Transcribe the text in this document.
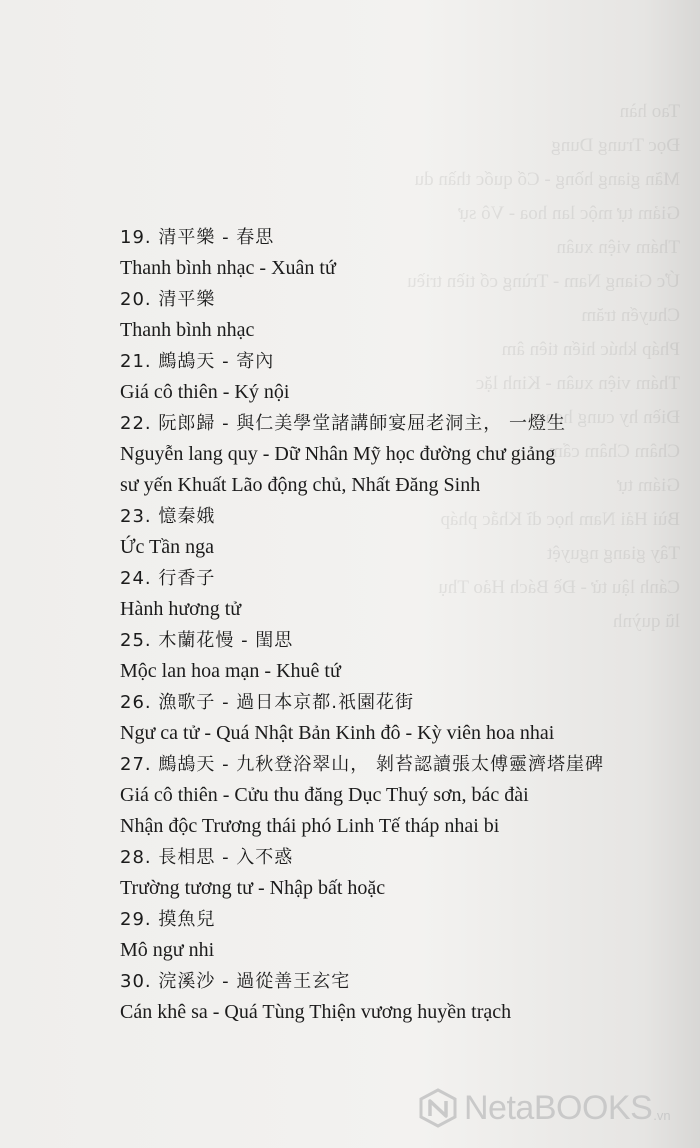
Tao hàn
Đọc Trung Dung
Mãn giang hồng - Cố quốc thần du
Giảm tự mộc lan hoa - Vô sự
Thám viện xuân
Ức Giang Nam - Trùng cố tiền triều
Chuyến trăm
Pháp khúc hiến tiên âm
Thám viện xuân - Kinh lặc
Điền hy cung hoa
Châm Châm cẩm
Giám tự
Bùi Hải Nam học dĩ Khắc pháp
Tây giang nguyệt
Cánh lậu tử - Đề Bách Hảo Thụ
lũ quỳnh
19. 清平樂 - 春思
Thanh bình nhạc - Xuân tứ
20. 清平樂
Thanh bình nhạc
21. 鷓鴣天 - 寄內
Giá cô thiên - Ký nội
22. 阮郎歸 - 與仁美學堂諸講師宴屈老洞主， 一燈生
Nguyễn lang quy - Dữ Nhân Mỹ học đường chư giảng
sư yến Khuất Lão động chủ, Nhất Đăng Sinh
23. 憶秦娥
Ức Tần nga
24. 行香子
Hành hương tử
25. 木蘭花慢 - 閨思
Mộc lan hoa mạn - Khuê tứ
26. 漁歌子 - 過日本京都.祇園花街
Ngư ca tử - Quá Nhật Bản Kinh đô - Kỳ viên hoa nhai
27. 鷓鴣天 - 九秋登浴翠山， 剝苔認讀張太傅靈濟塔崖碑
Giá cô thiên - Cửu thu đăng Dục Thuý sơn, bác đài
Nhận độc Trương thái phó Linh Tế tháp nhai bi
28. 長相思 - 入不惑
Trường tương tư - Nhập bất hoặc
29. 摸魚兒
Mô ngư nhi
30. 浣溪沙 - 過從善王玄宅
Cán khê sa - Quá Tùng Thiện vương huyền trạch
NetaBOOKS .vn
